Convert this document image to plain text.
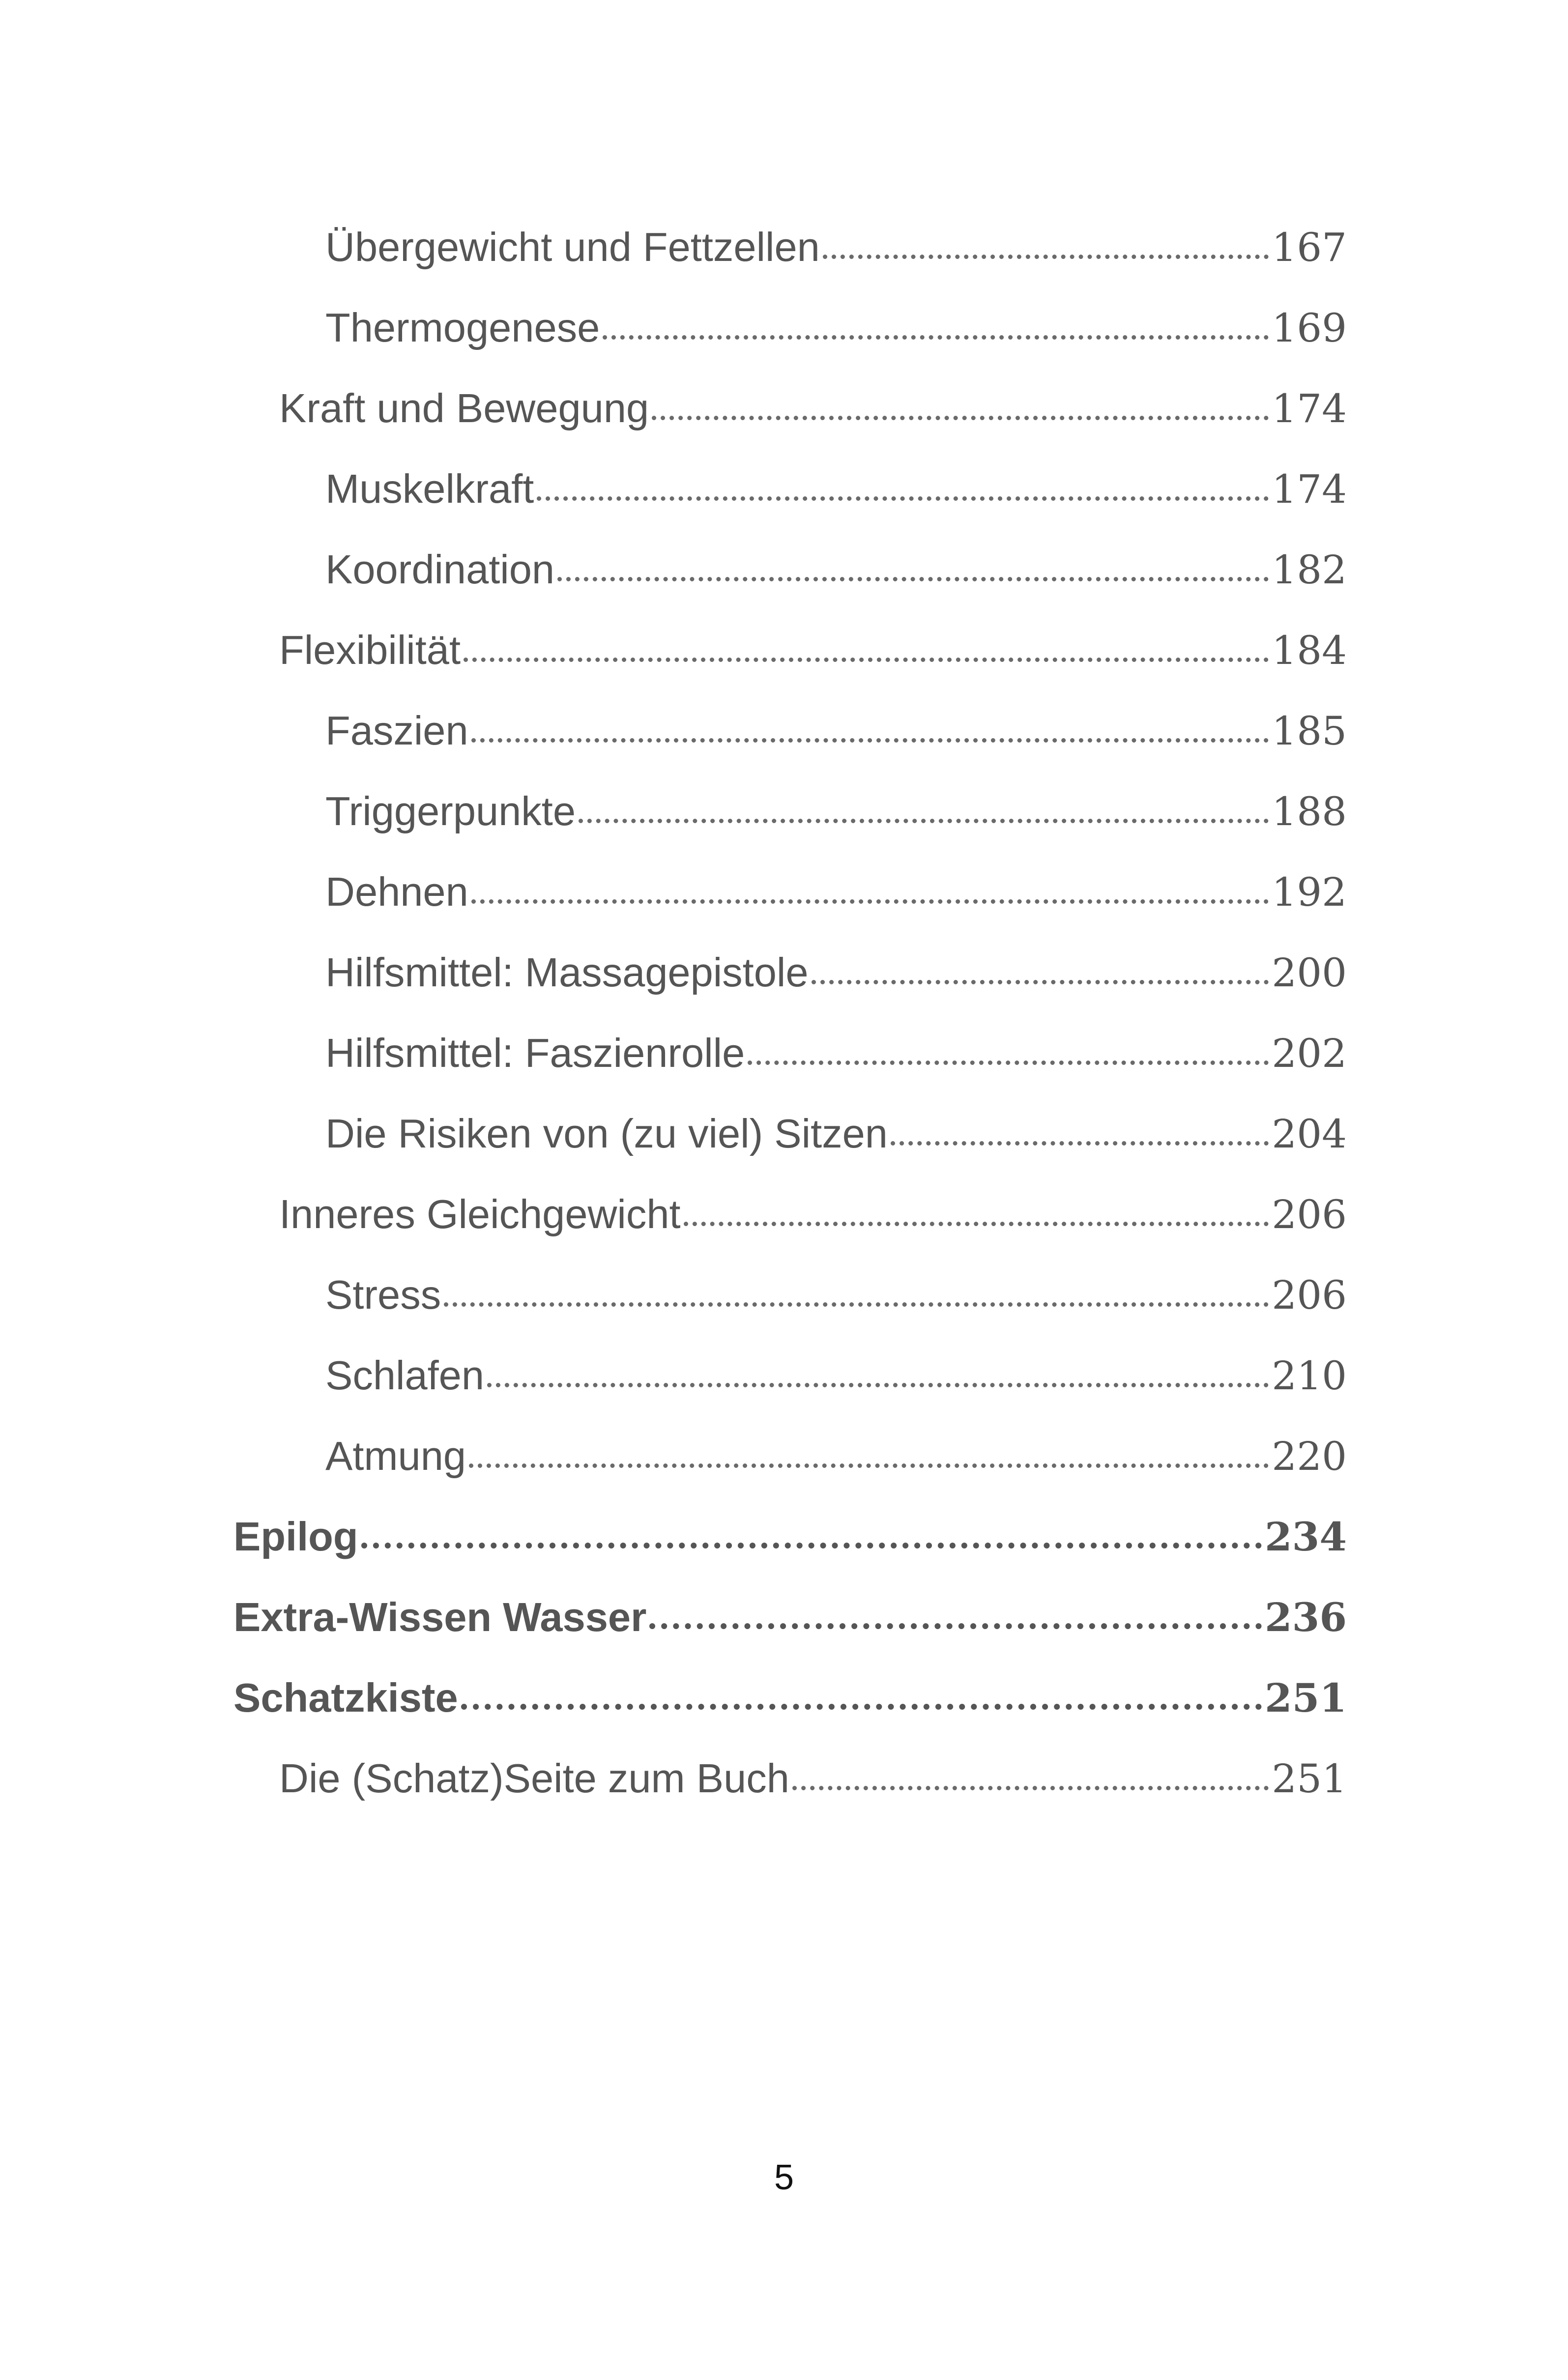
Übergewicht und Fettzellen	167
Thermogenese	169
Kraft und Bewegung	174
Muskelkraft	174
Koordination	182
Flexibilität	184
Faszien	185
Triggerpunkte	188
Dehnen	192
Hilfsmittel: Massagepistole	200
Hilfsmittel: Faszienrolle	202
Die Risiken von (zu viel) Sitzen	204
Inneres Gleichgewicht	206
Stress	206
Schlafen	210
Atmung	220
Epilog	234
Extra-Wissen Wasser	236
Schatzkiste	251
Die (Schatz)Seite zum Buch	251
5
